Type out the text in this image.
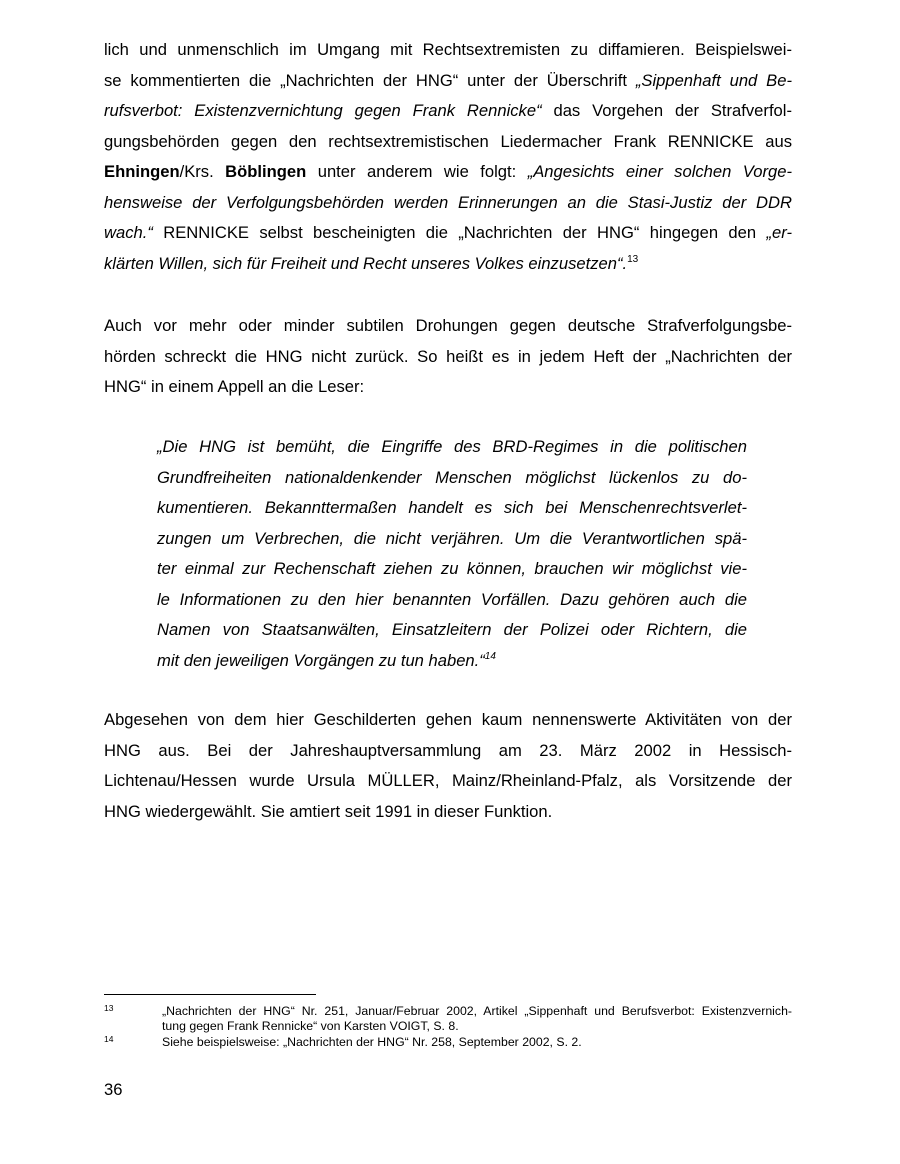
lich und unmenschlich im Umgang mit Rechtsextremisten zu diffamieren. Beispielswei-
se kommentierten die „Nachrichten der HNG“ unter der Überschrift „Sippenhaft und Be-
rufsverbot: Existenzvernichtung gegen Frank Rennicke“ das Vorgehen der Strafverfol-
gungsbehörden gegen den rechtsextremistischen Liedermacher Frank RENNICKE aus
Ehningen/Krs. Böblingen unter anderem wie folgt: „Angesichts einer solchen Vorge-
hensweise der Verfolgungsbehörden werden Erinnerungen an die Stasi-Justiz der DDR
wach.“ RENNICKE selbst bescheinigten die „Nachrichten der HNG“ hingegen den „er-
klärten Willen, sich für Freiheit und Recht unseres Volkes einzusetzen“.$^{13}$
Auch vor mehr oder minder subtilen Drohungen gegen deutsche Strafverfolgungsbe-
hörden schreckt die HNG nicht zurück. So heißt es in jedem Heft der „Nachrichten der
HNG“ in einem Appell an die Leser:
„Die HNG ist bemüht, die Eingriffe des BRD-Regimes in die politischen
Grundfreiheiten nationaldenkender Menschen möglichst lückenlos zu do-
kumentieren. Bekannttermaßen handelt es sich bei Menschenrechtsverlet-
zungen um Verbrechen, die nicht verjähren. Um die Verantwortlichen spä-
ter einmal zur Rechenschaft ziehen zu können, brauchen wir möglichst vie-
le Informationen zu den hier benannten Vorfällen. Dazu gehören auch die
Namen von Staatsanwälten, Einsatzleitern der Polizei oder Richtern, die
mit den jeweiligen Vorgängen zu tun haben.“$^{14}$
Abgesehen von dem hier Geschilderten gehen kaum nennenswerte Aktivitäten von der
HNG aus. Bei der Jahreshauptversammlung am 23. März 2002 in Hessisch-
Lichtenau/Hessen wurde Ursula MÜLLER, Mainz/Rheinland-Pfalz, als Vorsitzende der
HNG wiedergewählt. Sie amtiert seit 1991 in dieser Funktion.
13	„Nachrichten der HNG“ Nr. 251, Januar/Februar 2002, Artikel „Sippenhaft und Berufsverbot: Existenzvernich-
tung gegen Frank Rennicke“ von Karsten VOIGT, S. 8.
14	Siehe beispielsweise: „Nachrichten der HNG“ Nr. 258, September 2002, S. 2.
36
